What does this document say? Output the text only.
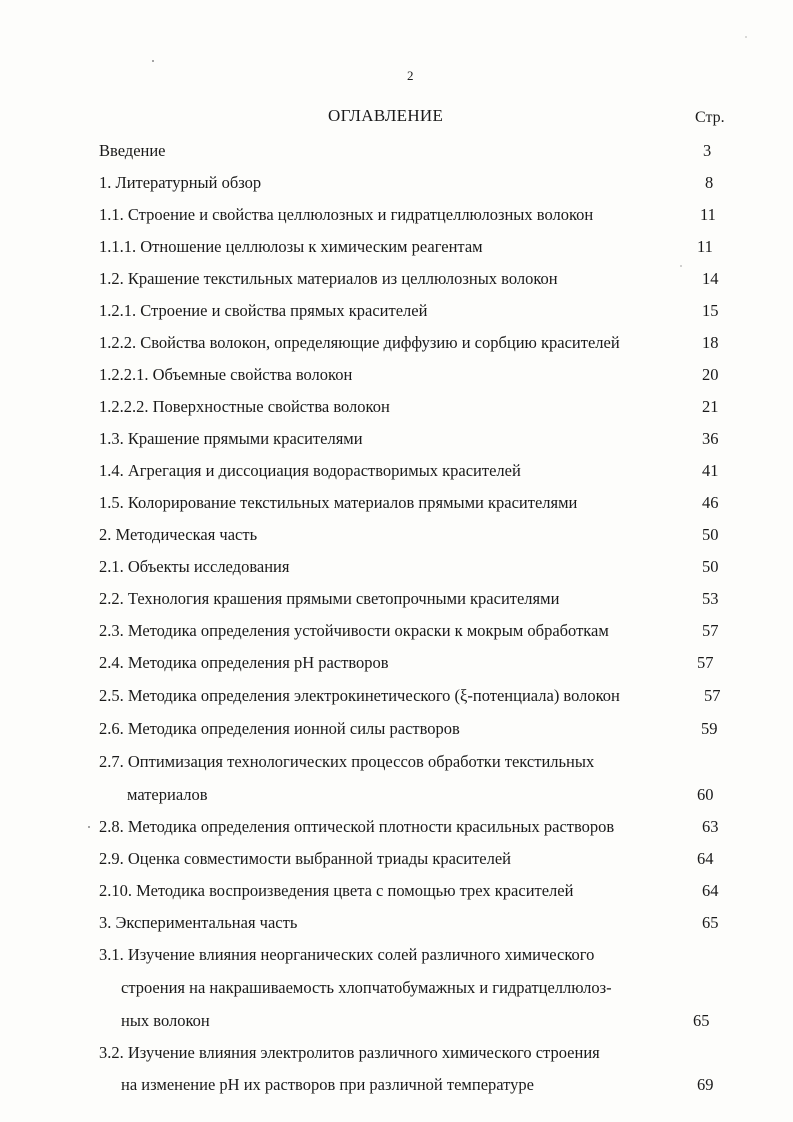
2
ОГЛАВЛЕНИЕ	Стр.
Введение	3
1. Литературный обзор	8
1.1. Строение и свойства целлюлозных и гидратцеллюлозных волокон	11
1.1.1. Отношение целлюлозы к химическим реагентам	11
1.2. Крашение текстильных материалов из целлюлозных волокон	14
1.2.1. Строение и свойства прямых красителей	15
1.2.2. Свойства волокон, определяющие диффузию и сорбцию красителей	18
1.2.2.1. Объемные свойства волокон	20
1.2.2.2. Поверхностные свойства волокон	21
1.3. Крашение прямыми красителями	36
1.4. Агрегация и диссоциация водорастворимых красителей	41
1.5. Колорирование текстильных материалов прямыми красителями	46
2. Методическая часть	50
2.1. Объекты исследования	50
2.2. Технология крашения прямыми светопрочными красителями	53
2.3. Методика определения устойчивости окраски к мокрым обработкам	57
2.4. Методика определения рН растворов	57
2.5. Методика определения электрокинетического (ξ-потенциала) волокон	57
2.6. Методика определения ионной силы растворов	59
2.7. Оптимизация технологических процессов обработки текстильных
материалов	60
2.8. Методика определения оптической плотности красильных растворов	63
2.9. Оценка совместимости выбранной триады красителей	64
2.10. Методика воспроизведения цвета с помощью трех красителей	64
3. Экспериментальная часть	65
3.1. Изучение влияния неорганических солей различного химического
строения на накрашиваемость хлопчатобумажных и гидратцеллюлоз-
ных волокон	65
3.2. Изучение влияния электролитов различного химического строения
на изменение рН их растворов при различной температуре	69
